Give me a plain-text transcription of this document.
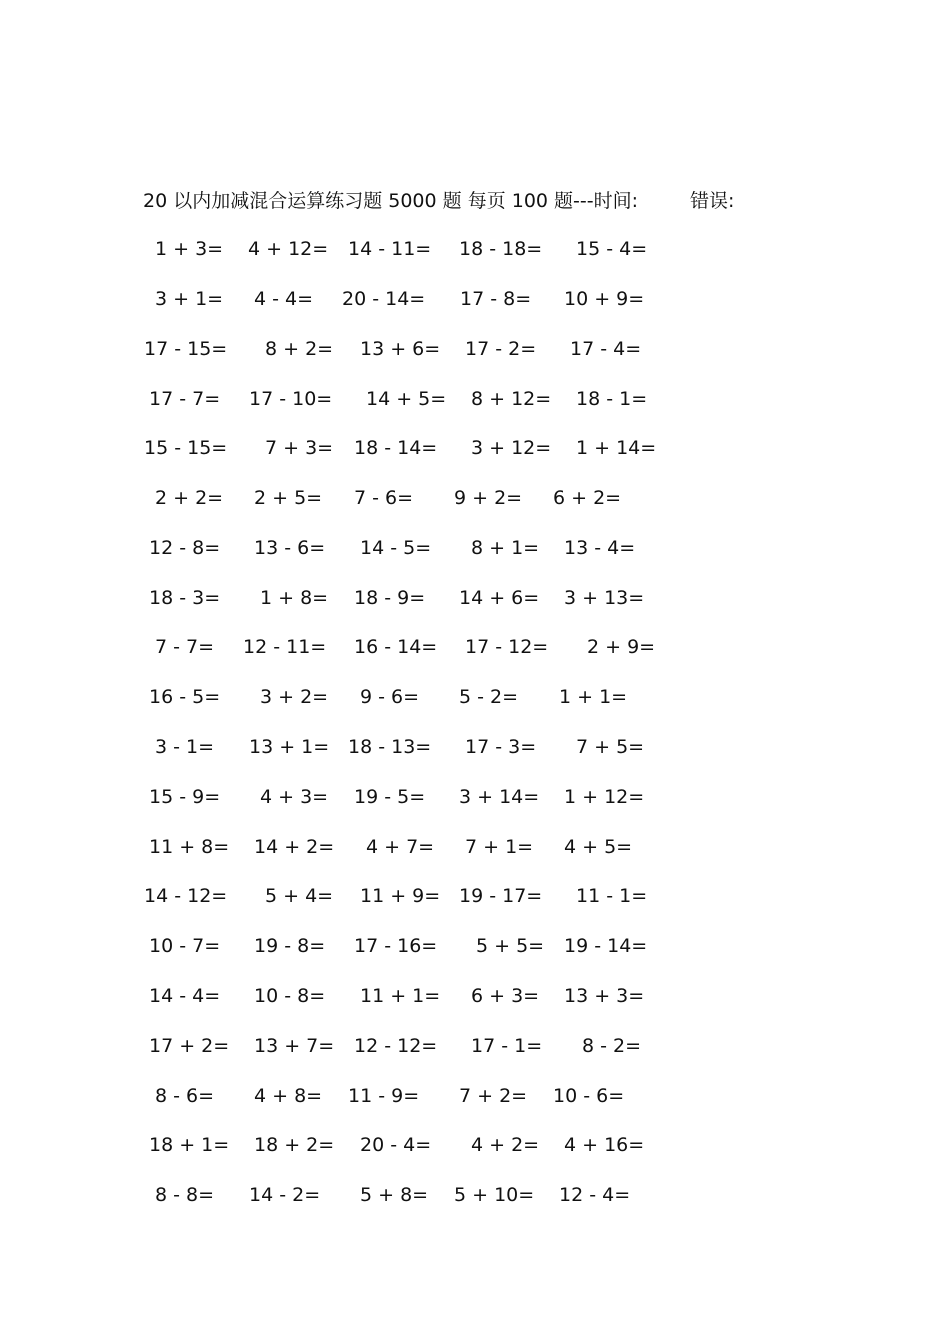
20 以内加减混合运算练习题 5000 题 每页 100 题---时间:	错误:
1 + 3= 4 + 12= 14 - 11= 18 - 18= 15 - 4=
3 + 1= 4 - 4= 20 - 14= 17 - 8= 10 + 9=
17 - 15= 8 + 2= 13 + 6= 17 - 2= 17 - 4=
17 - 7= 17 - 10= 14 + 5= 8 + 12= 18 - 1=
15 - 15= 7 + 3= 18 - 14= 3 + 12= 1 + 14=
2 + 2= 2 + 5= 7 - 6= 9 + 2= 6 + 2=
12 - 8= 13 - 6= 14 - 5= 8 + 1= 13 - 4=
18 - 3= 1 + 8= 18 - 9= 14 + 6= 3 + 13=
7 - 7= 12 - 11= 16 - 14= 17 - 12= 2 + 9=
16 - 5= 3 + 2= 9 - 6= 5 - 2= 1 + 1=
3 - 1= 13 + 1= 18 - 13= 17 - 3= 7 + 5=
15 - 9= 4 + 3= 19 - 5= 3 + 14= 1 + 12=
11 + 8= 14 + 2= 4 + 7= 7 + 1= 4 + 5=
14 - 12= 5 + 4= 11 + 9= 19 - 17= 11 - 1=
10 - 7= 19 - 8= 17 - 16= 5 + 5= 19 - 14=
14 - 4= 10 - 8= 11 + 1= 6 + 3= 13 + 3=
17 + 2= 13 + 7= 12 - 12= 17 - 1= 8 - 2=
8 - 6= 4 + 8= 11 - 9= 7 + 2= 10 - 6=
18 + 1= 18 + 2= 20 - 4= 4 + 2= 4 + 16=
8 - 8= 14 - 2= 5 + 8= 5 + 10= 12 - 4=
